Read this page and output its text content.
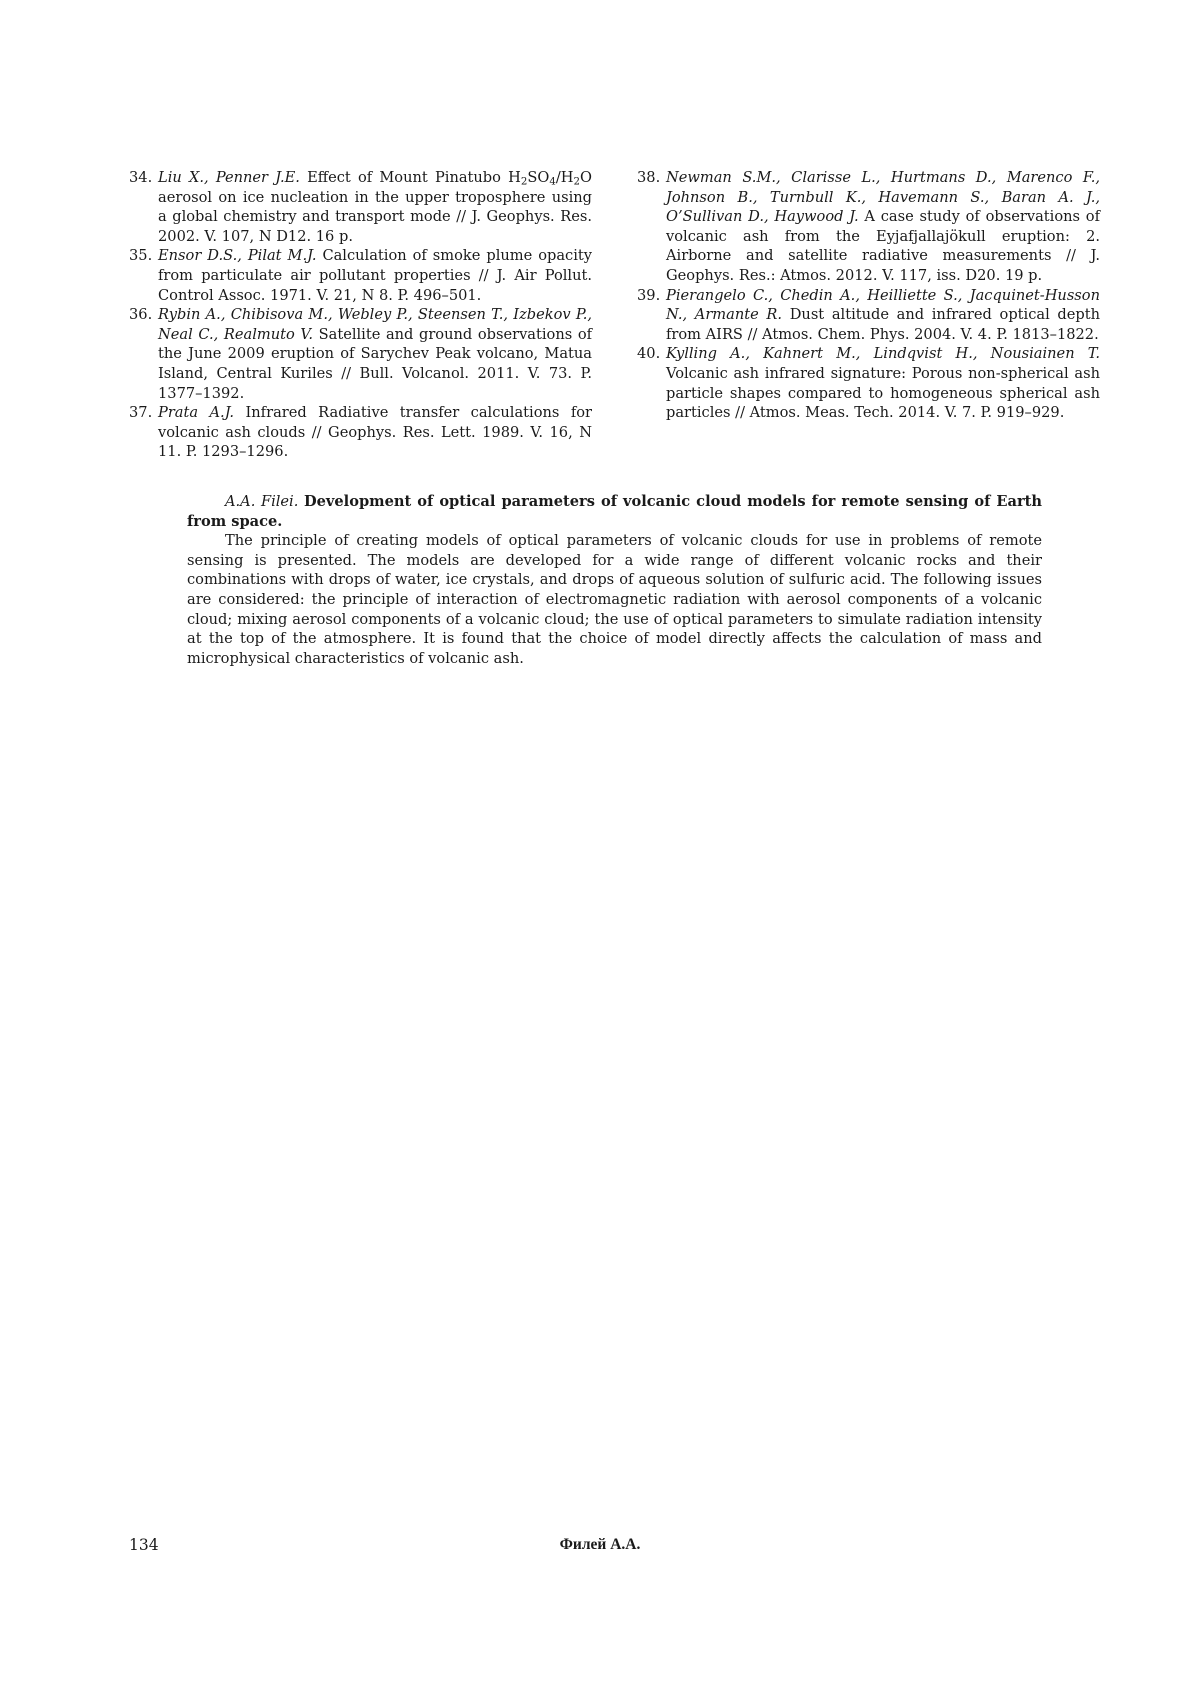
34. Liu X., Penner J.E. Effect of Mount Pinatubo $H_2SO_4/H_2O$ aerosol on ice nucleation in the upper troposphere using a global chemistry and transport mode // J. Geophys. Res. 2002. V. 107, N D12. 16 p.

35. Ensor D.S., Pilat M.J. Calculation of smoke plume opacity from particulate air pollutant properties // J. Air Pollut. Control Assoc. 1971. V. 21, N 8. P. 496–501.

36. Rybin A., Chibisova M., Webley P., Steensen T., Izbekov P., Neal C., Realmuto V. Satellite and ground observations of the June 2009 eruption of Sarychev Peak volcano, Matua Island, Central Kuriles // Bull. Volcanol. 2011. V. 73. P. 1377–1392.

37. Prata A.J. Infrared Radiative transfer calculations for volcanic ash clouds // Geophys. Res. Lett. 1989. V. 16, N 11. P. 1293–1296.

38. Newman S.M., Clarisse L., Hurtmans D., Marenco F., Johnson B., Turnbull K., Havemann S., Baran A. J., O’Sullivan D., Haywood J. A case study of observations of volcanic ash from the Eyjafjallajökull eruption: 2. Airborne and satellite radiative measurements // J. Geophys. Res.: Atmos. 2012. V. 117, iss. D20. 19 p.

39. Pierangelo C., Chedin A., Heilliette S., Jacquinet-Husson N., Armante R. Dust altitude and infrared optical depth from AIRS // Atmos. Chem. Phys. 2004. V. 4. P. 1813–1822.

40. Kylling A., Kahnert M., Lindqvist H., Nousiainen T. Volcanic ash infrared signature: Porous non-spherical ash particle shapes compared to homogeneous spherical ash particles // Atmos. Meas. Tech. 2014. V. 7. P. 919–929.

A.A. Filei. Development of optical parameters of volcanic cloud models for remote sensing of Earth from space.

The principle of creating models of optical parameters of volcanic clouds for use in problems of remote sensing is presented. The models are developed for a wide range of different volcanic rocks and their combinations with drops of water, ice crystals, and drops of aqueous solution of sulfuric acid. The following issues are considered: the principle of interaction of electromagnetic radiation with aerosol components of a volcanic cloud; mixing aerosol components of a volcanic cloud; the use of optical parameters to simulate radiation intensity at the top of the atmosphere. It is found that the choice of model directly affects the calculation of mass and microphysical characteristics of volcanic ash.

134	Филей А.А.
